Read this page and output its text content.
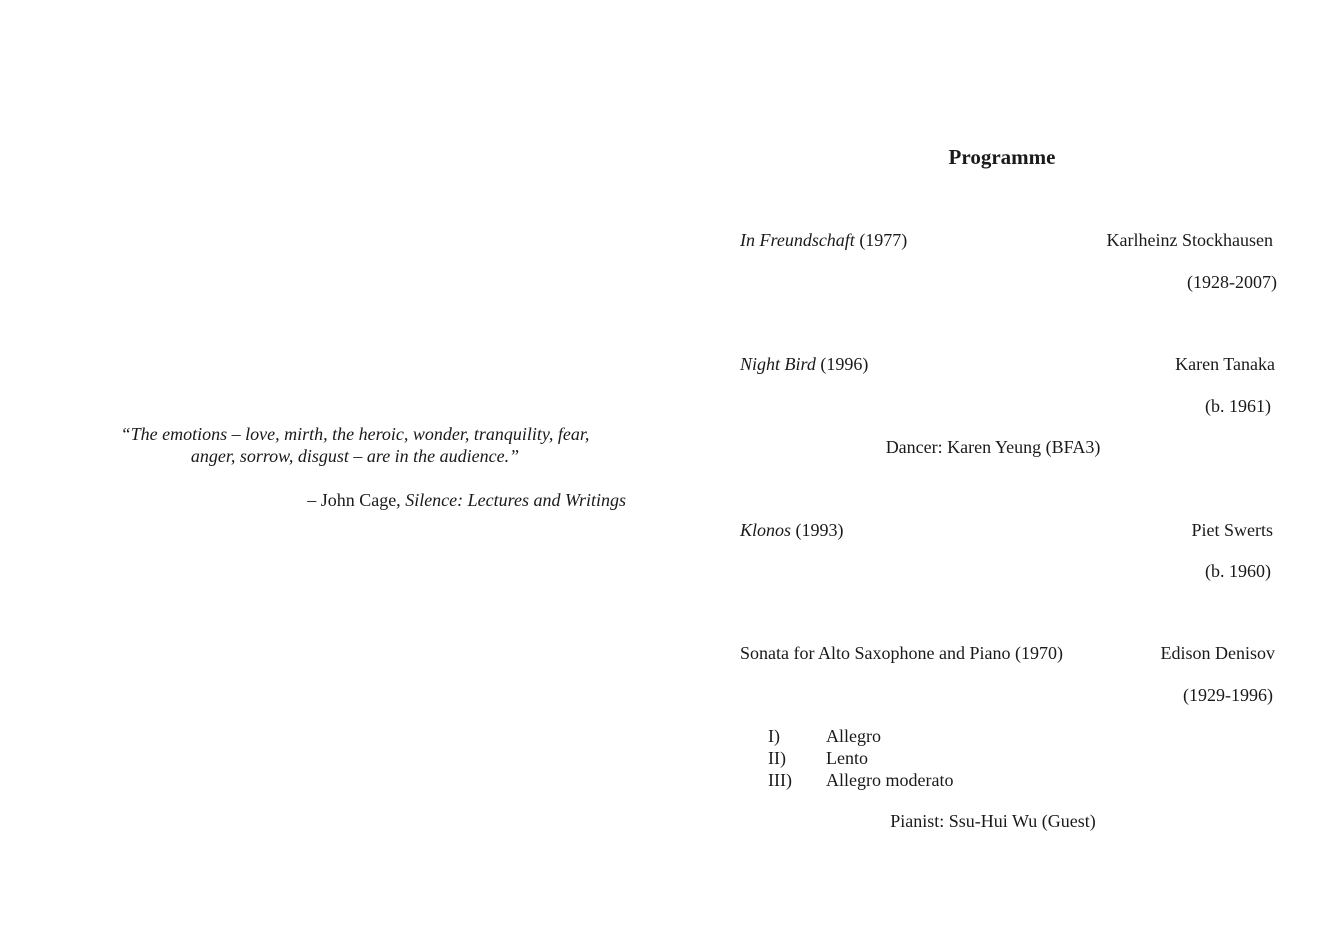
“The emotions – love, mirth, the heroic, wonder, tranquility, fear,
anger, sorrow, disgust – are in the audience.”
– John Cage, Silence: Lectures and Writings
Programme
In Freundschaft (1977)	Karlheinz Stockhausen
(1928-2007)
Night Bird (1996)	Karen Tanaka
(b. 1961)
Dancer: Karen Yeung (BFA3)
Klonos (1993)	Piet Swerts
(b. 1960)
Sonata for Alto Saxophone and Piano (1970)	Edison Denisov
(1929-1996)
I)	Allegro
II) Lento
III) Allegro moderato
Pianist: Ssu-Hui Wu (Guest)
